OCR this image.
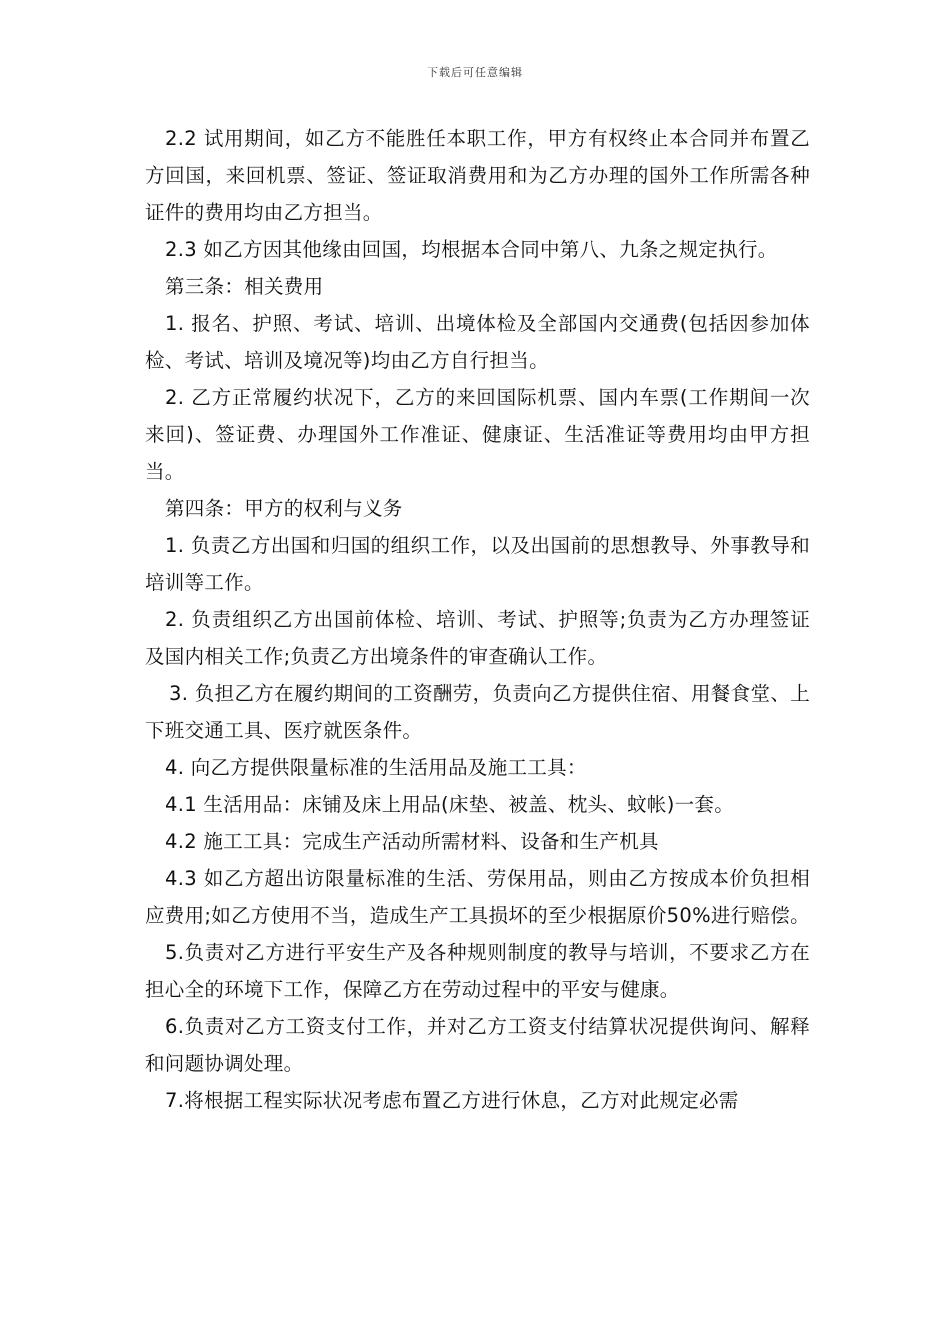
下载后可任意编辑

2.2 试用期间，如乙方不能胜任本职工作，甲方有权终止本合同并布置乙方回国，来回机票、签证、签证取消费用和为乙方办理的国外工作所需各种证件的费用均由乙方担当。

2.3 如乙方因其他缘由回国，均根据本合同中第八、九条之规定执行。

第三条：相关费用

1. 报名、护照、考试、培训、出境体检及全部国内交通费(包括因参加体检、考试、培训及境况等)均由乙方自行担当。

2. 乙方正常履约状况下，乙方的来回国际机票、国内车票(工作期间一次来回)、签证费、办理国外工作准证、健康证、生活准证等费用均由甲方担当。

第四条：甲方的权利与义务

1. 负责乙方出国和归国的组织工作，以及出国前的思想教导、外事教导和培训等工作。

2. 负责组织乙方出国前体检、培训、考试、护照等;负责为乙方办理签证及国内相关工作;负责乙方出境条件的审查确认工作。

3. 负担乙方在履约期间的工资酬劳，负责向乙方提供住宿、用餐食堂、上下班交通工具、医疗就医条件。

4. 向乙方提供限量标准的生活用品及施工工具：

4.1 生活用品：床铺及床上用品(床垫、被盖、枕头、蚊帐)一套。

4.2 施工工具：完成生产活动所需材料、设备和生产机具

4.3 如乙方超出访限量标准的生活、劳保用品，则由乙方按成本价负担相应费用;如乙方使用不当，造成生产工具损坏的至少根据原价50%进行赔偿。

5.负责对乙方进行平安生产及各种规则制度的教导与培训，不要求乙方在担心全的环境下工作，保障乙方在劳动过程中的平安与健康。

6.负责对乙方工资支付工作，并对乙方工资支付结算状况提供询问、解释和问题协调处理。

7.将根据工程实际状况考虑布置乙方进行休息，乙方对此规定必需
